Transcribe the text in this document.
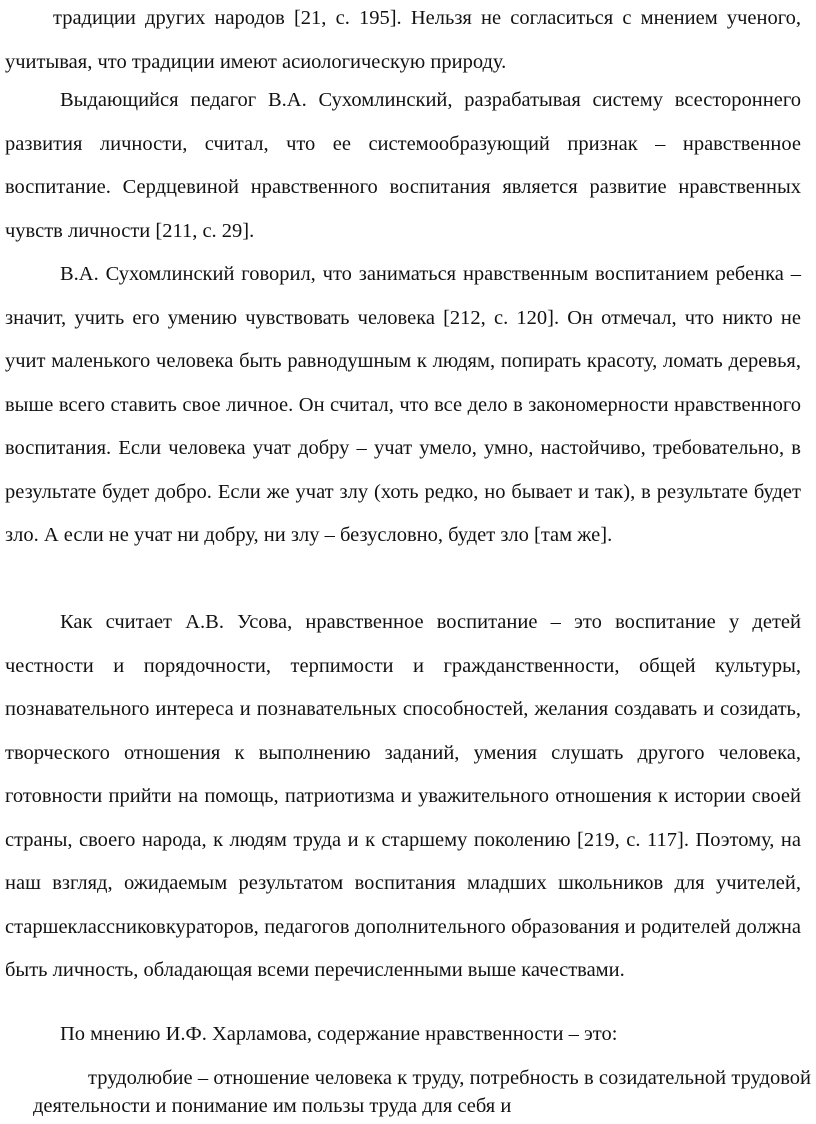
традиции других народов [21, с. 195]. Нельзя не согласиться с мнением ученого, учитывая, что традиции имеют асиологическую природу.

Выдающийся педагог В.А. Сухомлинский, разрабатывая систему всестороннего развития личности, считал, что ее системообразующий признак – нравственное воспитание. Сердцевиной нравственного воспитания является развитие нравственных чувств личности [211, с. 29].

В.А. Сухомлинский говорил, что заниматься нравственным воспитанием ребенка – значит, учить его умению чувствовать человека [212, с. 120]. Он отмечал, что никто не учит маленького человека быть равнодушным к людям, попирать красоту, ломать деревья, выше всего ставить свое личное. Он считал, что все дело в закономерности нравственного воспитания. Если человека учат добру – учат умело, умно, настойчиво, требовательно, в результате будет добро. Если же учат злу (хоть редко, но бывает и так), в результате будет зло. А если не учат ни добру, ни злу – безусловно, будет зло [там же].

Как считает А.В. Усова, нравственное воспитание – это воспитание у детей честности и порядочности, терпимости и гражданственности, общей культуры, познавательного интереса и познавательных способностей, желания создавать и созидать, творческого отношения к выполнению заданий, умения слушать другого человека, готовности прийти на помощь, патриотизма и уважительного отношения к истории своей страны, своего народа, к людям труда и к старшему поколению [219, с. 117]. Поэтому, на наш взгляд, ожидаемым результатом воспитания младших школьников для учителей, старшеклассниковкураторов, педагогов дополнительного образования и родителей должна быть личность, обладающая всеми перечисленными выше качествами.

По мнению И.Ф. Харламова, содержание нравственности – это:

трудолюбие – отношение человека к труду, потребность в созидательной трудовой деятельности и понимание им пользы труда для себя и
